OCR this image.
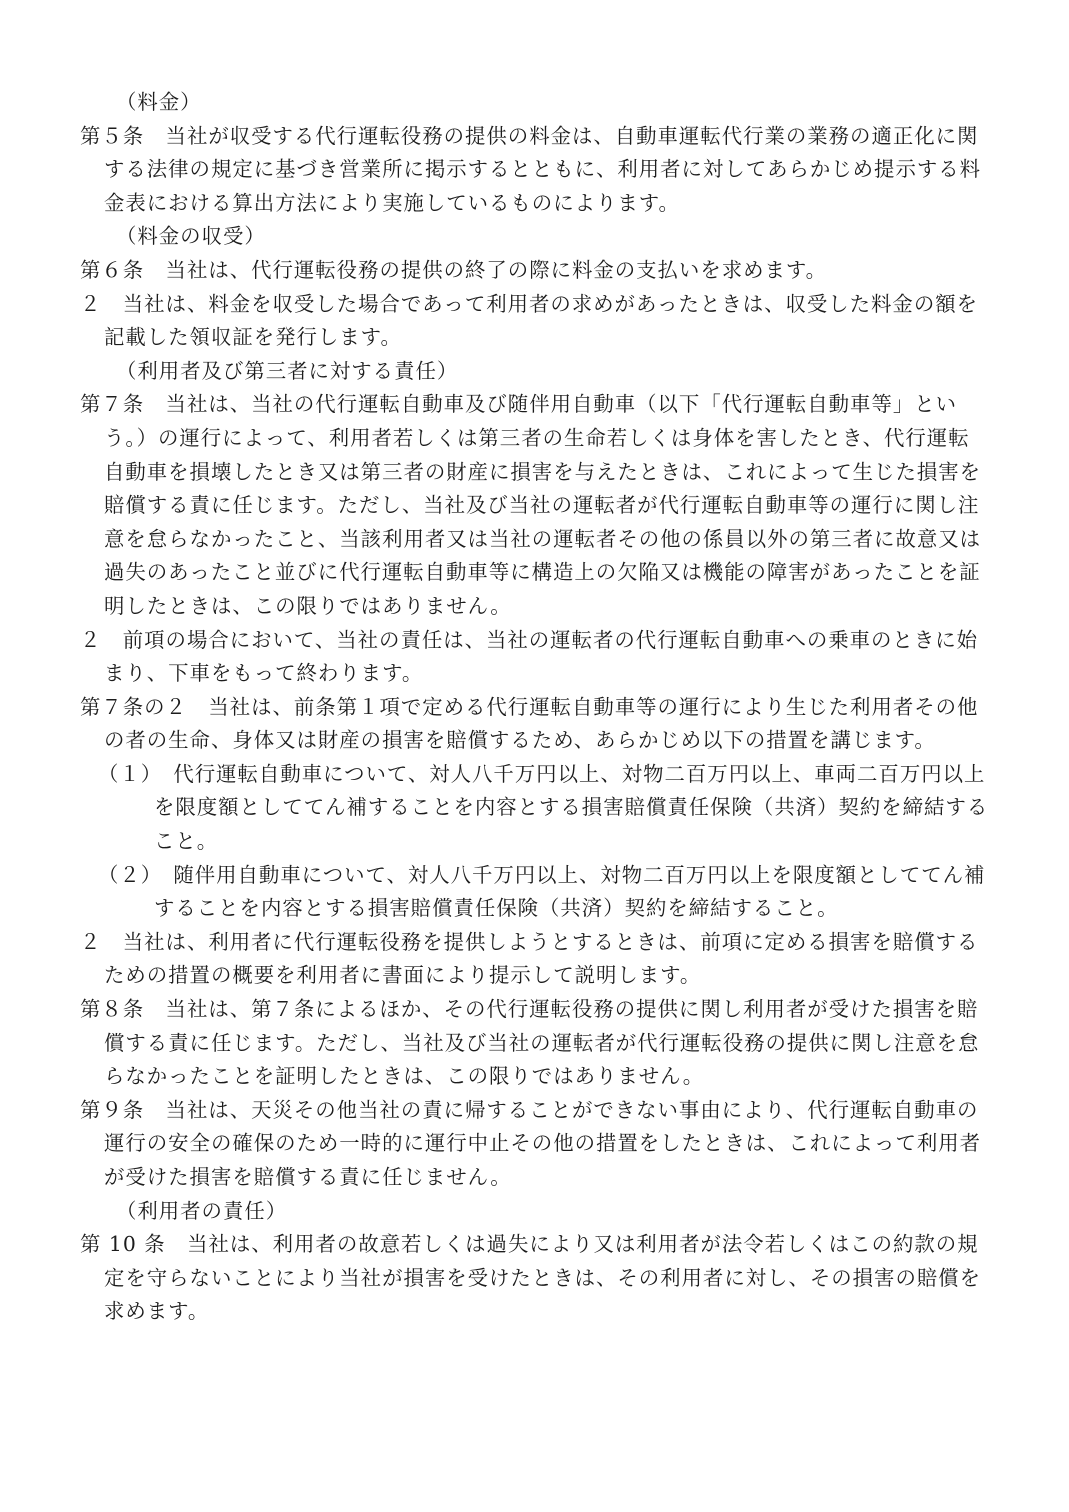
（料金）
第５条　当社が収受する代行運転役務の提供の料金は、自動車運転代行業の業務の適正化に関する法律の規定に基づき営業所に掲示するとともに、利用者に対してあらかじめ提示する料金表における算出方法により実施しているものによります。
（料金の収受）
第６条　当社は、代行運転役務の提供の終了の際に料金の支払いを求めます。
２　当社は、料金を収受した場合であって利用者の求めがあったときは、収受した料金の額を記載した領収証を発行します。
（利用者及び第三者に対する責任）
第７条　当社は、当社の代行運転自動車及び随伴用自動車（以下「代行運転自動車等」という。）の運行によって、利用者若しくは第三者の生命若しくは身体を害したとき、代行運転自動車を損壊したとき又は第三者の財産に損害を与えたときは、これによって生じた損害を賠償する責に任じます。ただし、当社及び当社の運転者が代行運転自動車等の運行に関し注意を怠らなかったこと、当該利用者又は当社の運転者その他の係員以外の第三者に故意又は過失のあったこと並びに代行運転自動車等に構造上の欠陥又は機能の障害があったことを証明したときは、この限りではありません。
２　前項の場合において、当社の責任は、当社の運転者の代行運転自動車への乗車のときに始まり、下車をもって終わります。
第７条の２　当社は、前条第１項で定める代行運転自動車等の運行により生じた利用者その他の者の生命、身体又は財産の損害を賠償するため、あらかじめ以下の措置を講じます。
（１）　代行運転自動車について、対人八千万円以上、対物二百万円以上、車両二百万円以上を限度額としててん補することを内容とする損害賠償責任保険（共済）契約を締結すること。
（２）　随伴用自動車について、対人八千万円以上、対物二百万円以上を限度額としててん補することを内容とする損害賠償責任保険（共済）契約を締結すること。
２　当社は、利用者に代行運転役務を提供しようとするときは、前項に定める損害を賠償するための措置の概要を利用者に書面により提示して説明します。
第８条　当社は、第７条によるほか、その代行運転役務の提供に関し利用者が受けた損害を賠償する責に任じます。ただし、当社及び当社の運転者が代行運転役務の提供に関し注意を怠らなかったことを証明したときは、この限りではありません。
第９条　当社は、天災その他当社の責に帰することができない事由により、代行運転自動車の運行の安全の確保のため一時的に運行中止その他の措置をしたときは、これによって利用者が受けた損害を賠償する責に任じません。
（利用者の責任）
第 10 条　当社は、利用者の故意若しくは過失により又は利用者が法令若しくはこの約款の規定を守らないことにより当社が損害を受けたときは、その利用者に対し、その損害の賠償を求めます。
